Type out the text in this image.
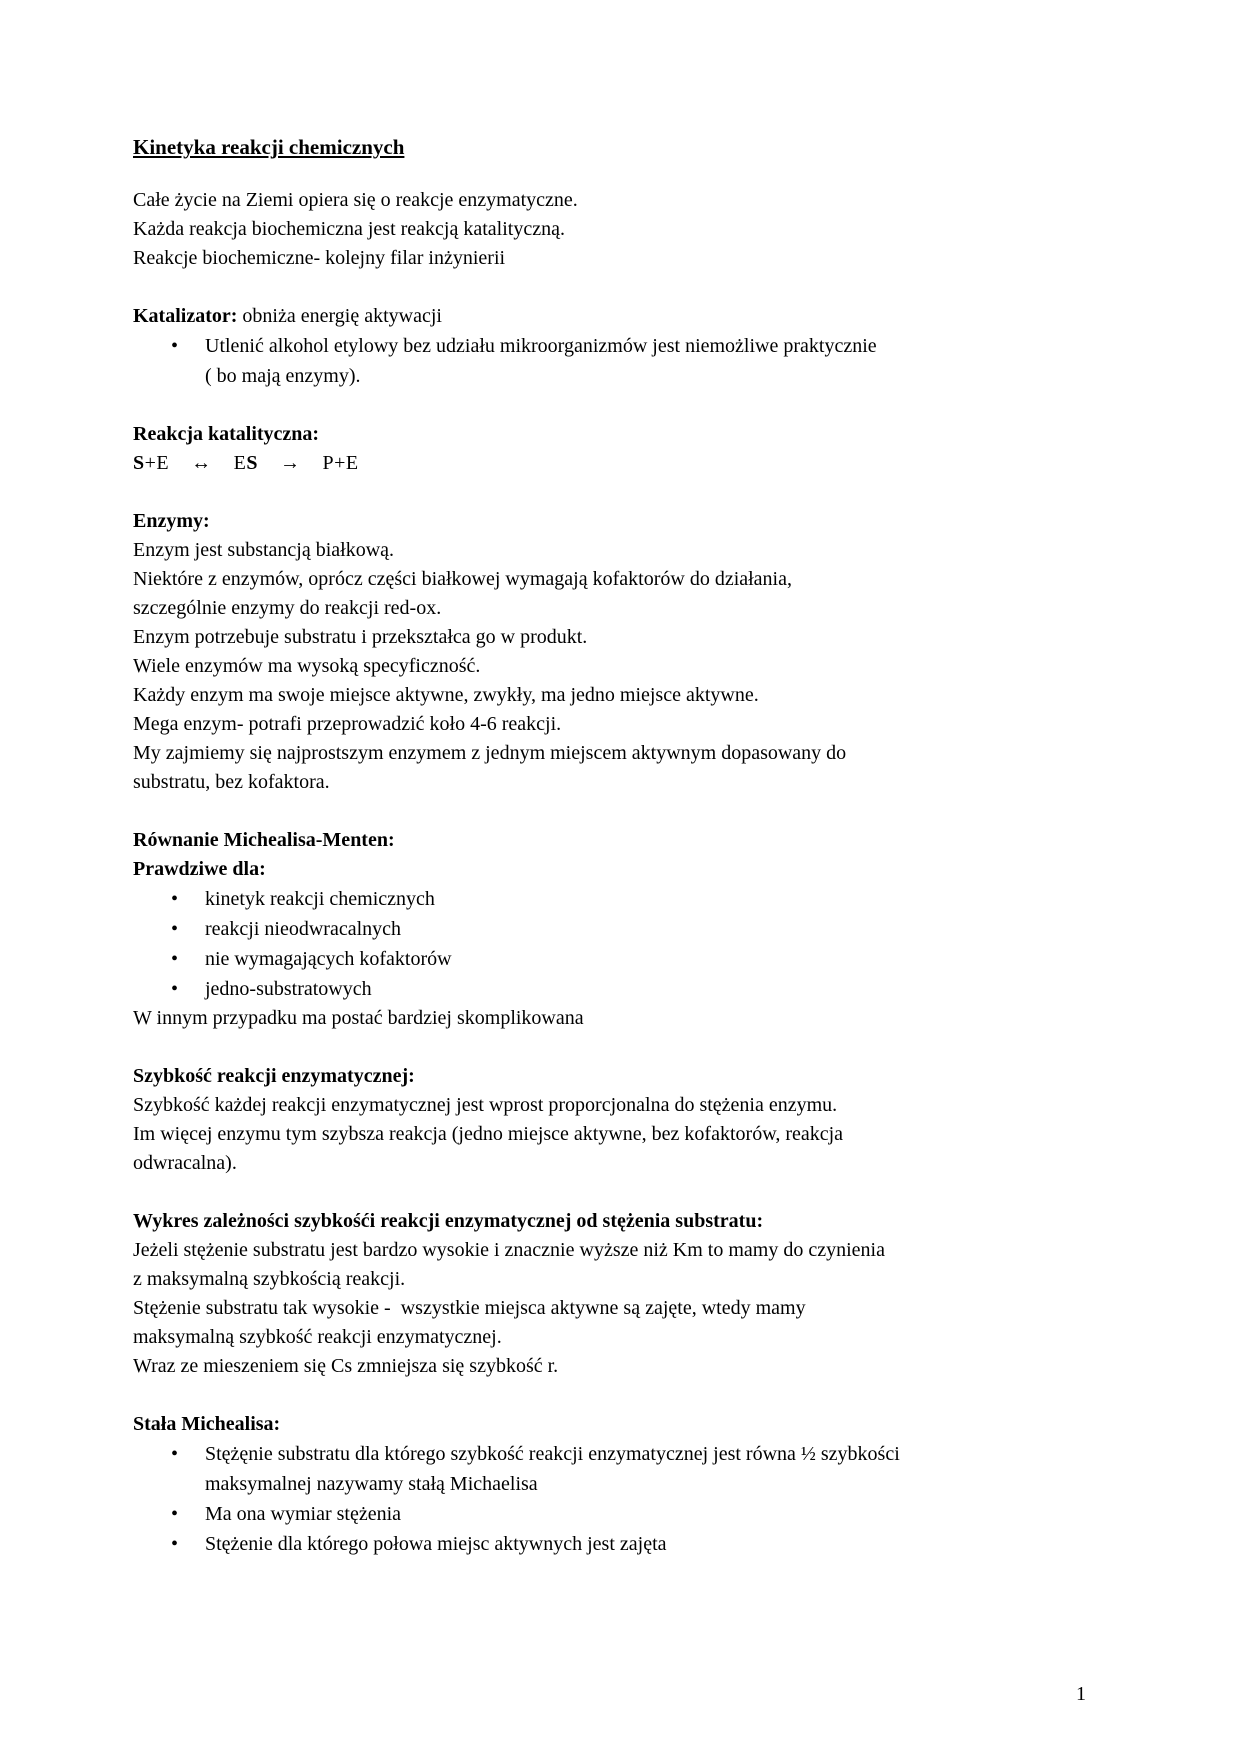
Kinetyka reakcji chemicznych
Całe życie na Ziemi opiera się o reakcje enzymatyczne.
Każda reakcja biochemiczna jest reakcją katalityczną.
Reakcje biochemiczne- kolejny filar inżynierii
Katalizator: obniża energię aktywacji
• Utlenić alkohol etylowy bez udziału mikroorganizmów jest niemożliwe praktycznie
( bo mają enzymy).
Reakcja katalityczna:
S+E    ↔    ES    →    P+E
Enzymy:
Enzym jest substancją białkową.
Niektóre z enzymów, oprócz części białkowej wymagają kofaktorów do działania,
szczególnie enzymy do reakcji red-ox.
Enzym potrzebuje substratu i przekształca go w produkt.
Wiele enzymów ma wysoką specyficzność.
Każdy enzym ma swoje miejsce aktywne, zwykły, ma jedno miejsce aktywne.
Mega enzym- potrafi przeprowadzić koło 4-6 reakcji.
My zajmiemy się najprostszym enzymem z jednym miejscem aktywnym dopasowany do
substratu, bez kofaktora.
Równanie Michealisa-Menten:
Prawdziwe dla:
• kinetyk reakcji chemicznych
• reakcji nieodwracalnych
• nie wymagających kofaktorów
• jedno-substratowych
W innym przypadku ma postać bardziej skomplikowana
Szybkość reakcji enzymatycznej:
Szybkość każdej reakcji enzymatycznej jest wprost proporcjonalna do stężenia enzymu.
Im więcej enzymu tym szybsza reakcja (jedno miejsce aktywne, bez kofaktorów, reakcja
odwracalna).
Wykres zależności szybkośći reakcji enzymatycznej od stężenia substratu:
Jeżeli stężenie substratu jest bardzo wysokie i znacznie wyższe niż Km to mamy do czynienia
z maksymalną szybkością reakcji.
Stężenie substratu tak wysokie -  wszystkie miejsca aktywne są zajęte, wtedy mamy
maksymalną szybkość reakcji enzymatycznej.
Wraz ze mieszeniem się Cs zmniejsza się szybkość r.
Stała Michealisa:
• Stężęnie substratu dla którego szybkość reakcji enzymatycznej jest równa ½ szybkości
maksymalnej nazywamy stałą Michaelisa
• Ma ona wymiar stężenia
• Stężenie dla którego połowa miejsc aktywnych jest zajęta
1
